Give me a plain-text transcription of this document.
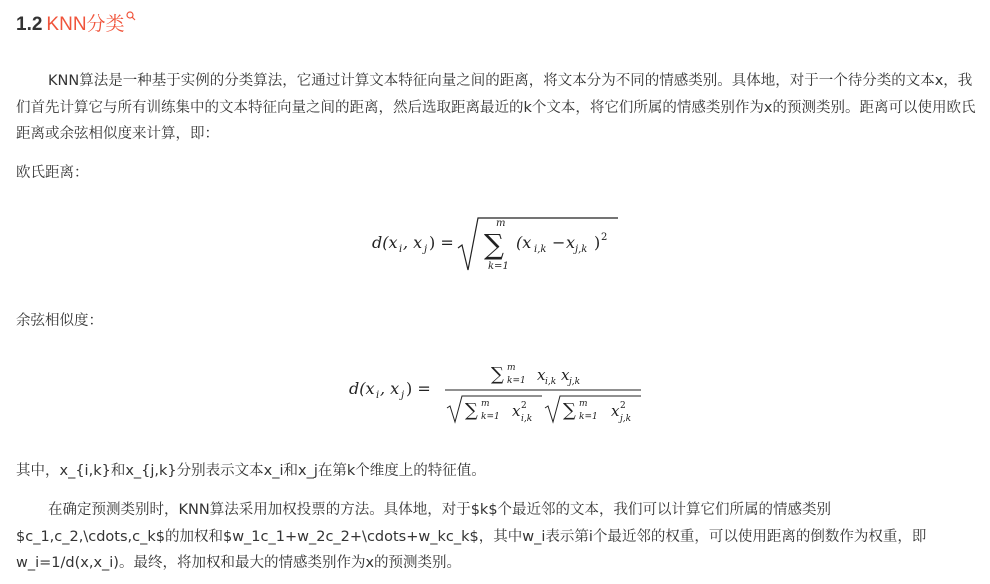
1.2 KNN分类
KNN算法是一种基于实例的分类算法，它通过计算文本特征向量之间的距离，将文本分为不同的情感类别。具体地，对于一个待分类的文本x，我们首先计算它与所有训练集中的文本特征向量之间的距离，然后选取距离最近的k个文本，将它们所属的情感类别作为x的预测类别。距离可以使用欧氏距离或余弦相似度来计算，即：
欧氏距离：
d(x i , x j ) =
m
∑
k=1
(x i,k − x j,k ) 2
余弦相似度：
d(x i , x j ) =
∑ m
k=1 x i,k x j,k
∑ m
k=1 x 2
i,k ∑ m
k=1 x 2
j,k
其中，x_{i,k}和x_{j,k}分别表示文本x_i和x_j在第k个维度上的特征值。
在确定预测类别时，KNN算法采用加权投票的方法。具体地，对于$k$个最近邻的文本，我们可以计算它们所属的情感类别$c_1,c_2,\cdots,c_k$的加权和$w_1c_1+w_2c_2+\cdots+w_kc_k$，其中w_i表示第i个最近邻的权重，可以使用距离的倒数作为权重，即w_i=1/d(x,x_i)。最终，将加权和最大的情感类别作为x的预测类别。
